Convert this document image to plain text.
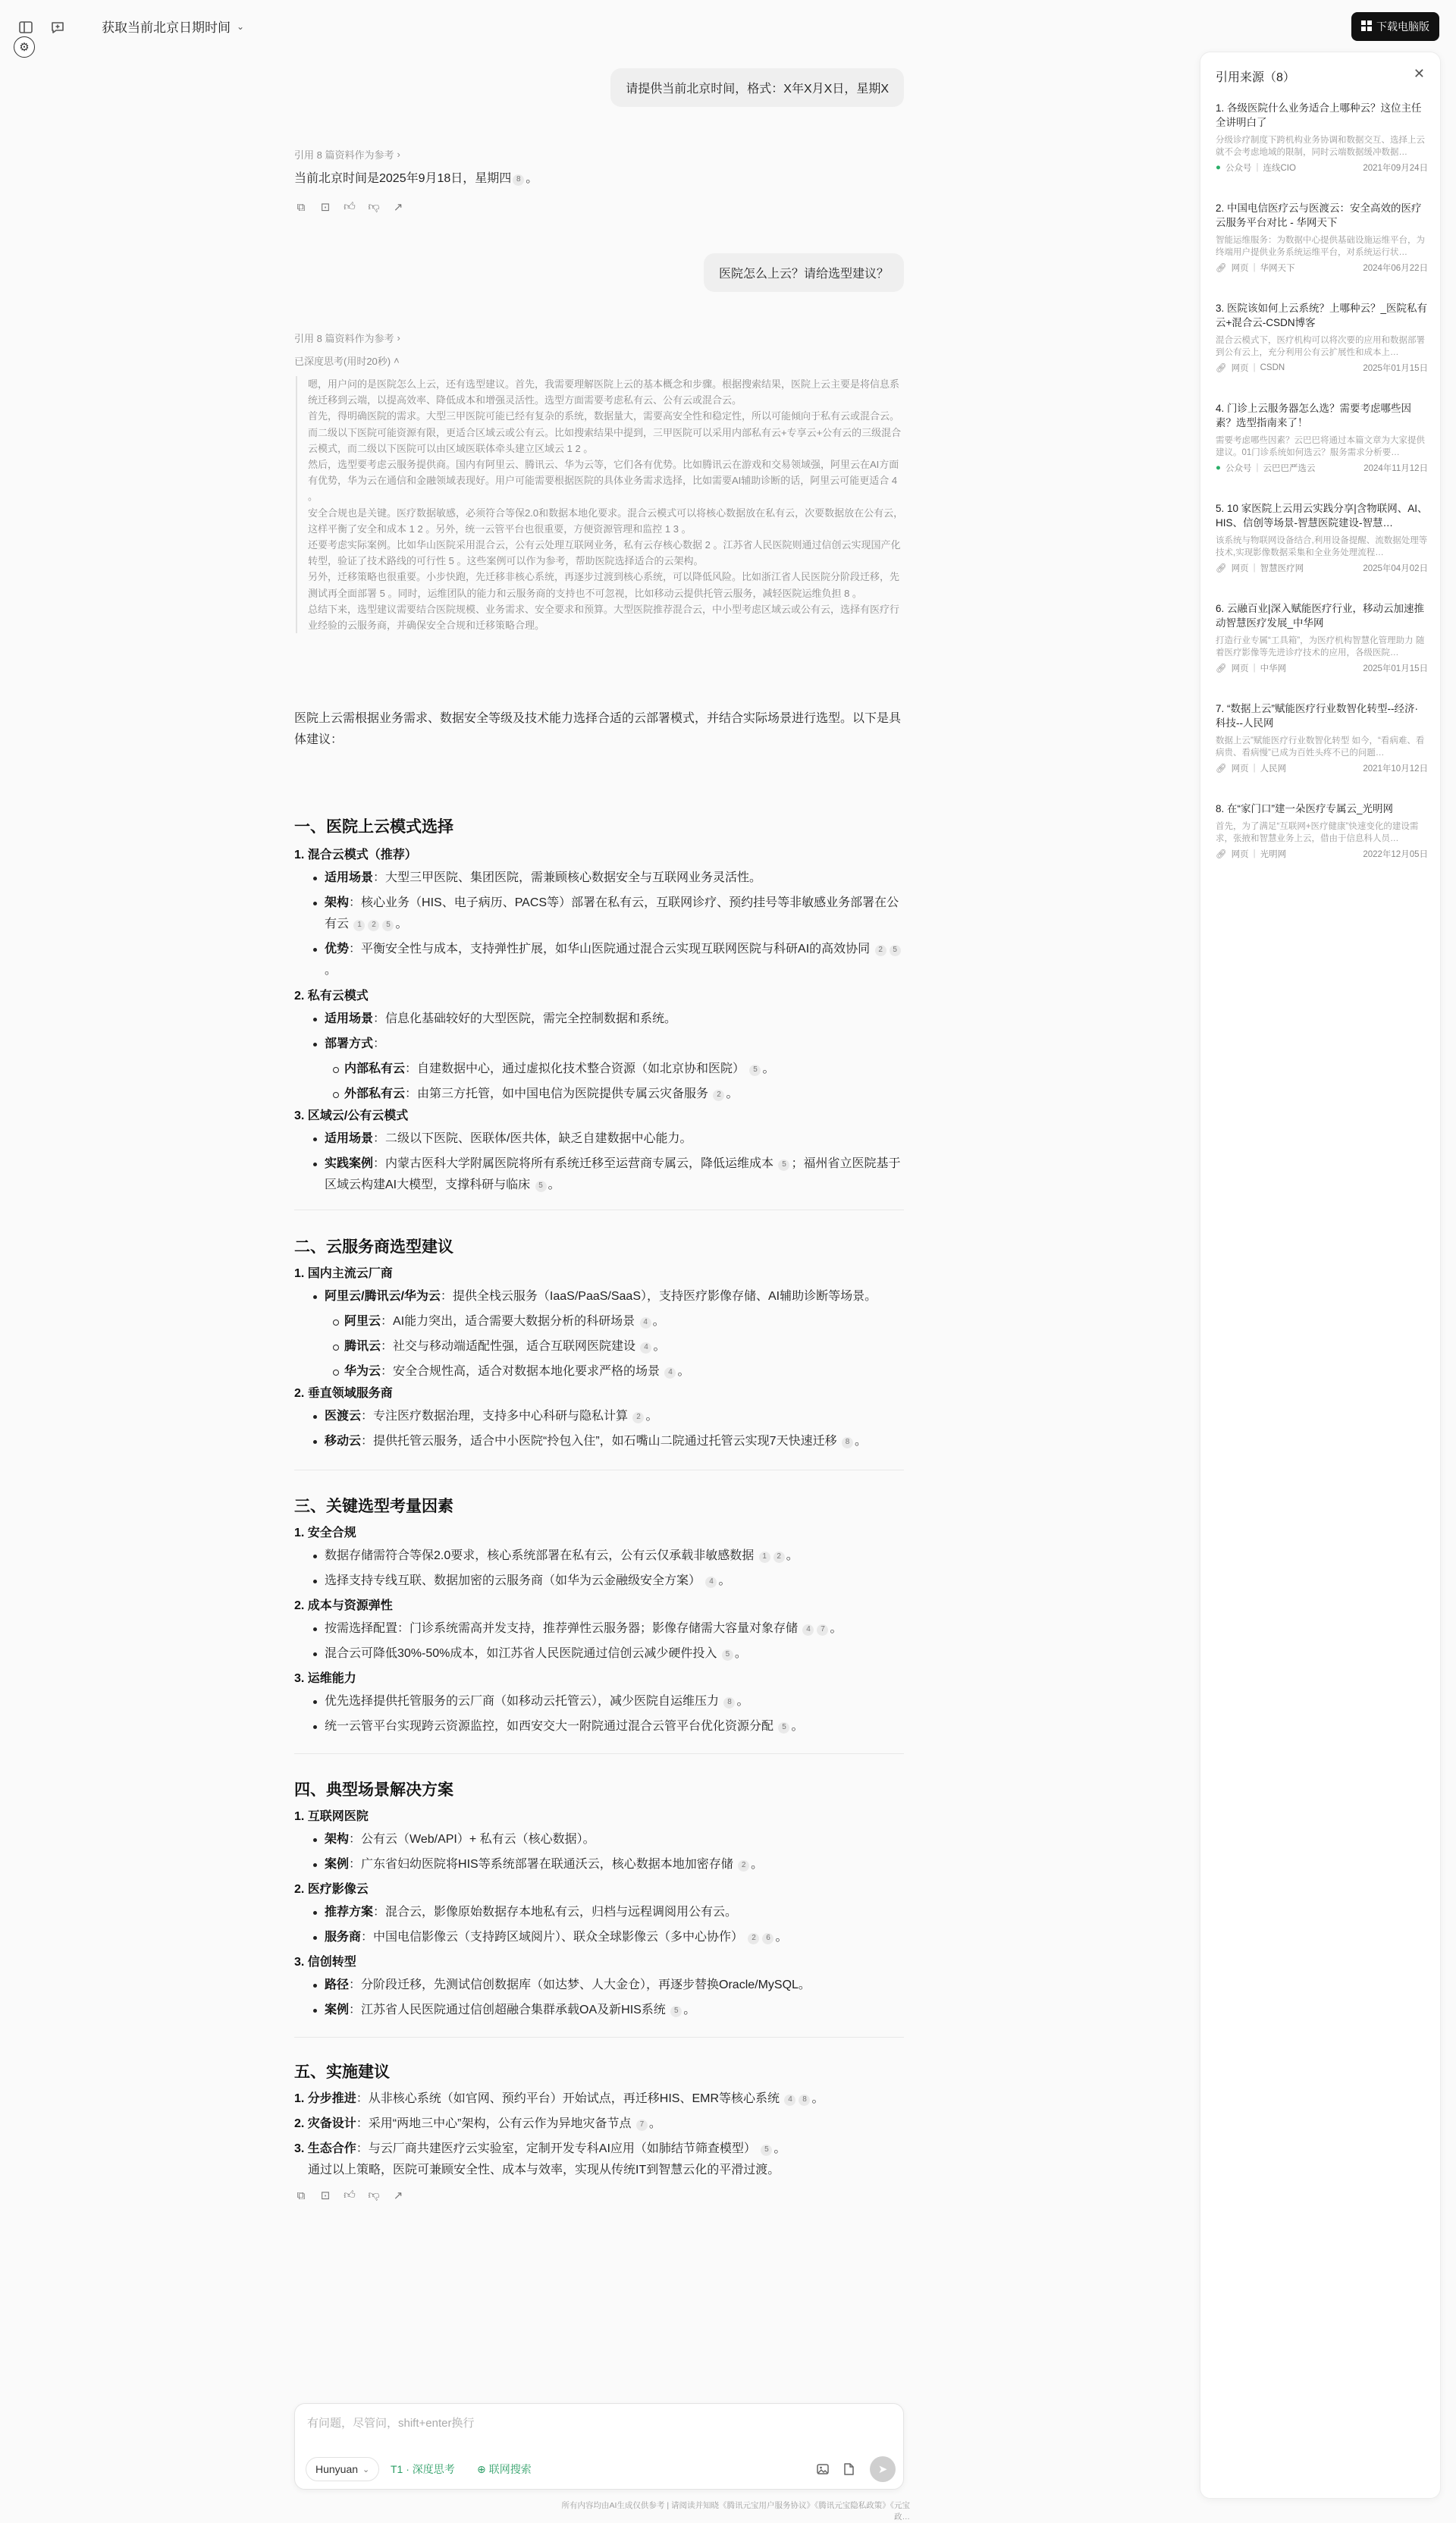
获取当前北京日期时间 ⌄	下载电脑版
⚙
请提供当前北京时间，格式：X年X月X日，星期X
引用 8 篇资料作为参考 ›
当前北京时间是2025年9月18日，星期四 8 。
⧉ ⊡ 👍︎ 👎︎ ↗
医院怎么上云？请给选型建议？
引用 8 篇资料作为参考 ›
已深度思考(用时20秒) ˄

嗯，用户问的是医院怎么上云，还有选型建议。首先，我需要理解医院上云的基本概念和步骤。根据搜索结果，医院上云主要是将信息系统迁移到云端，以提高效率、降低成本和增强灵活性。选型方面需要考虑私有云、公有云或混合云。

首先，得明确医院的需求。大型三甲医院可能已经有复杂的系统，数据量大，需要高安全性和稳定性，所以可能倾向于私有云或混合云。而二级以下医院可能资源有限，更适合区域云或公有云。比如搜索结果中提到，三甲医院可以采用内部私有云+专享云+公有云的三级混合云模式，而二级以下医院可以由区域医联体牵头建立区域云 1 2 。

然后，选型要考虑云服务提供商。国内有阿里云、腾讯云、华为云等，它们各有优势。比如腾讯云在游戏和交易领域强，阿里云在AI方面有优势，华为云在通信和金融领域表现好。用户可能需要根据医院的具体业务需求选择，比如需要AI辅助诊断的话，阿里云可能更适合 4 。

安全合规也是关键。医疗数据敏感，必须符合等保2.0和数据本地化要求。混合云模式可以将核心数据放在私有云，次要数据放在公有云，这样平衡了安全和成本 1 2 。另外，统一云管平台也很重要，方便资源管理和监控 1 3 。

还要考虑实际案例。比如华山医院采用混合云，公有云处理互联网业务，私有云存核心数据 2 。江苏省人民医院则通过信创云实现国产化转型，验证了技术路线的可行性 5 。这些案例可以作为参考，帮助医院选择适合的云架构。

另外，迁移策略也很重要。小步快跑，先迁移非核心系统，再逐步过渡到核心系统，可以降低风险。比如浙江省人民医院分阶段迁移，先测试再全面部署 5 。同时，运维团队的能力和云服务商的支持也不可忽视，比如移动云提供托管云服务，减轻医院运维负担 8 。

总结下来，选型建议需要结合医院规模、业务需求、安全要求和预算。大型医院推荐混合云，中小型考虑区域云或公有云，选择有医疗行业经验的云服务商，并确保安全合规和迁移策略合理。

医院上云需根据业务需求、数据安全等级及技术能力选择合适的云部署模式，并结合实际场景进行选型。以下是具体建议：
一、医院上云模式选择
1. 混合云模式（推荐）
适用场景：大型三甲医院、集团医院，需兼顾核心数据安全与互联网业务灵活性。
架构：核心业务（HIS、电子病历、PACS等）部署在私有云，互联网诊疗、预约挂号等非敏感业务部署在公有云 1 2 5 。
优势：平衡安全性与成本，支持弹性扩展，如华山医院通过混合云实现互联网医院与科研AI的高效协同 2 5。
2. 私有云模式
适用场景：信息化基础较好的大型医院，需完全控制数据和系统。
部署方式：
内部私有云：自建数据中心，通过虚拟化技术整合资源（如北京协和医院） 5 。
外部私有云：由第三方托管，如中国电信为医院提供专属云灾备服务 2 。
3. 区域云/公有云模式
适用场景：二级以下医院、医联体/医共体，缺乏自建数据中心能力。
实践案例：内蒙古医科大学附属医院将所有系统迁移至运营商专属云，降低运维成本 5 ；福州省立医院基于区域云构建AI大模型，支撑科研与临床 5 。
二、云服务商选型建议
1. 国内主流云厂商
阿里云/腾讯云/华为云：提供全栈云服务（IaaS/PaaS/SaaS），支持医疗影像存储、AI辅助诊断等场景。
阿里云：AI能力突出，适合需要大数据分析的科研场景 4 。
腾讯云：社交与移动端适配性强，适合互联网医院建设 4 。
华为云：安全合规性高，适合对数据本地化要求严格的场景 4 。
2. 垂直领域服务商
医渡云：专注医疗数据治理，支持多中心科研与隐私计算 2 。
移动云：提供托管云服务，适合中小医院“拎包入住”，如石嘴山二院通过托管云实现7天快速迁移 8 。
三、关键选型考量因素
1. 安全合规
数据存储需符合等保2.0要求，核心系统部署在私有云，公有云仅承载非敏感数据 1 2 。
选择支持专线互联、数据加密的云服务商（如华为云金融级安全方案） 4 。
2. 成本与资源弹性
按需选择配置：门诊系统需高并发支持，推荐弹性云服务器；影像存储需大容量对象存储 4 7 。
混合云可降低30%-50%成本，如江苏省人民医院通过信创云减少硬件投入 5 。
3. 运维能力
优先选择提供托管服务的云厂商（如移动云托管云），减少医院自运维压力 8 。
统一云管平台实现跨云资源监控，如西安交大一附院通过混合云管平台优化资源分配 5 。
四、典型场景解决方案
1. 互联网医院
架构：公有云（Web/API）+ 私有云（核心数据）。
案例：广东省妇幼医院将HIS等系统部署在联通沃云，核心数据本地加密存储 2 。
2. 医疗影像云
推荐方案：混合云，影像原始数据存本地私有云，归档与远程调阅用公有云。
服务商：中国电信影像云（支持跨区域阅片）、联众全球影像云（多中心协作） 2 6 。
3. 信创转型
路径：分阶段迁移，先测试信创数据库（如达梦、人大金仓），再逐步替换Oracle/MySQL。
案例：江苏省人民医院通过信创超融合集群承载OA及新HIS系统 5 。
五、实施建议
1. 分步推进：从非核心系统（如官网、预约平台）开始试点，再迁移HIS、EMR等核心系统 4 8 。
2. 灾备设计：采用“两地三中心”架构，公有云作为异地灾备节点 7 。
3. 生态合作：与云厂商共建医疗云实验室，定制开发专科AI应用（如肺结节筛查模型） 5 。
通过以上策略，医院可兼顾安全性、成本与效率，实现从传统IT到智慧云化的平滑过渡。
⧉ ⊡ 👍︎ 👎︎ ↗
引用来源（8）	✕
1. 各级医院什么业务适合上哪种云？这位主任全讲明白了
分级诊疗制度下跨机构业务协调和数据交互、选择上云就不会考虑地域的限制，同时云端数据缓冲数据…
● 公众号 | 连线CIO	2021年09月24日
2. 中国电信医疗云与医渡云：安全高效的医疗云服务平台对比 - 华网天下
智能运维服务：为数据中心提供基础设施运维平台，为终端用户提供业务系统运维平台，对系统运行状…
🔗︎ 网页 | 华网天下	2024年06月22日
3. 医院该如何上云系统？上哪种云？_医院私有云+混合云-CSDN博客
混合云模式下，医疗机构可以将次要的应用和数据部署到公有云上，充分利用公有云扩展性和成本上…
🔗︎ 网页 | CSDN	2025年01月15日
4. 门诊上云服务器怎么选？需要考虑哪些因素？选型指南来了！
需要考虑哪些因素？云巴巴将通过本篇文章为大家提供建议。01门诊系统如何选云？服务需求分析要…
● 公众号 | 云巴巴严选云	2024年11月12日
5. 10 家医院上云用云实践分享|含物联网、AI、HIS、信创等场景-智慧医院建设-智慧…
该系统与物联网设备结合,利用设备提醒、流数据处理等技术,实现影像数据采集和全业务处理流程…
🔗︎ 网页 | 智慧医疗网	2025年04月02日
6. 云融百业|深入赋能医疗行业，移动云加速推动智慧医疗发展_中华网
打造行业专属“工具箱”，为医疗机构智慧化管理助力 随着医疗影像等先进诊疗技术的应用，各级医院…
🔗︎ 网页 | 中华网	2025年01月15日
7. “数据上云”赋能医疗行业数智化转型--经济·科技--人民网
数据上云”赋能医疗行业数智化转型 如今，“看病难、看病贵、看病慢”已成为百姓头疼不已的问题…
🔗︎ 网页 | 人民网	2021年10月12日
8. 在“家门口”建一朵医疗专属云_光明网
首先，为了满足“互联网+医疗健康”快速变化的建设需求，张掖和智慧业务上云，借由于信息科人员…
🔗︎ 网页 | 光明网	2022年12月05日
有问题，尽管问，shift+enter换行
Hunyuan ⌄ T1 · 深度思考 ⊕ 联网搜索	➤
所有内容均由AI生成仅供参考 | 请阅读并知晓《腾讯元宝用户服务协议》《腾讯元宝隐私政策》《元宝政…
